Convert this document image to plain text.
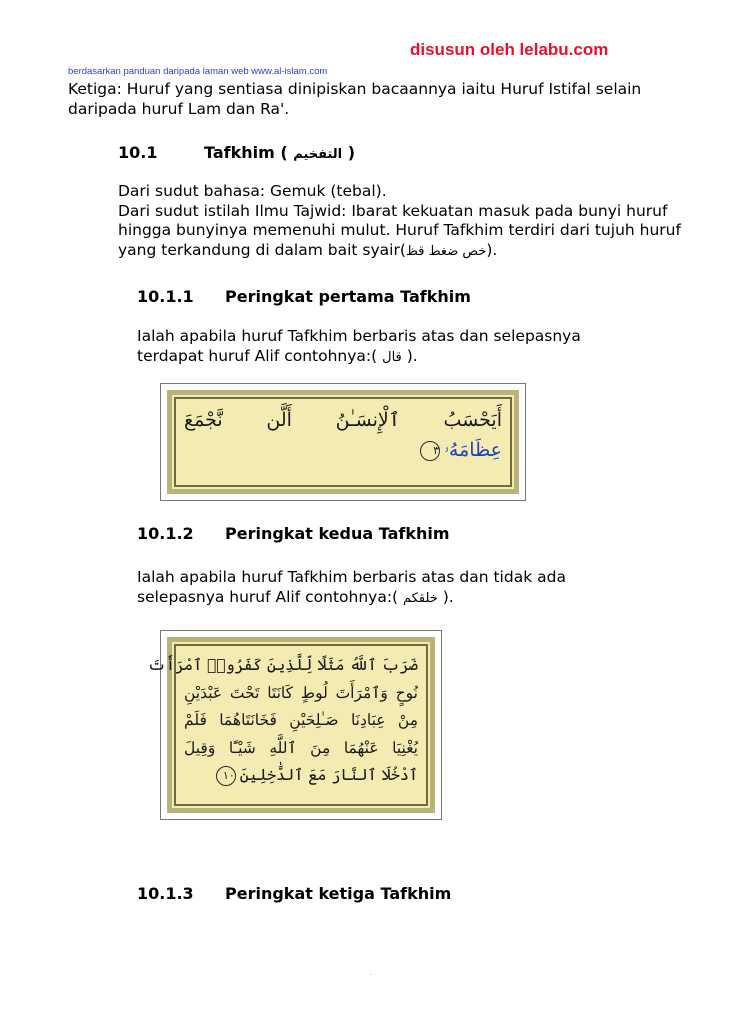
disusun oleh lelabu.com
berdasarkan panduan daripada laman web www.al-islam.com

Ketiga: Huruf yang sentiasa dinipiskan bacaannya iaitu Huruf Istifal selain daripada huruf Lam dan Ra'.

10.1	Tafkhim ( التفخيم )
Dari sudut bahasa: Gemuk (tebal).
Dari sudut istilah Ilmu Tajwid: Ibarat kekuatan masuk pada bunyi huruf hingga bunyinya memenuhi mulut. Huruf Tafkhim terdiri dari tujuh huruf yang terkandung di dalam bait syair(خص ضغط قظ).
10.1.1 Peringkat pertama Tafkhim

Ialah apabila huruf Tafkhim berbaris atas dan selepasnya terdapat huruf Alif contohnya:( قال ).

أَيَحْسَبُ ٱلْإِنسَـٰنُ أَلَّن نَّجْمَعَ
عِظَامَهُۥ٣
10.1.2 Peringkat kedua Tafkhim

Ialah apabila huruf Tafkhim berbaris atas dan tidak ada selepasnya huruf Alif contohnya:( خلقكم ).

ضَرَبَ ٱللَّهُ مَثَلًا لِّلَّذِينَ كَفَرُوا۟ ٱمْرَأَتَ
نُوحٍ وَٱمْرَأَتَ لُوطٍ كَانَتَا تَحْتَ عَبْدَيْنِ
مِنْ عِبَادِنَا صَـٰلِحَيْنِ فَخَانَتَاهُمَا فَلَمْ
يُغْنِيَا عَنْهُمَا مِنَ ٱللَّهِ شَيْـًٔا وَقِيلَ
ٱدْخُلَا ٱلنَّارَ مَعَ ٱلدَّٰخِلِينَ١٠
10.1.3 Peringkat ketiga Tafkhim
.
